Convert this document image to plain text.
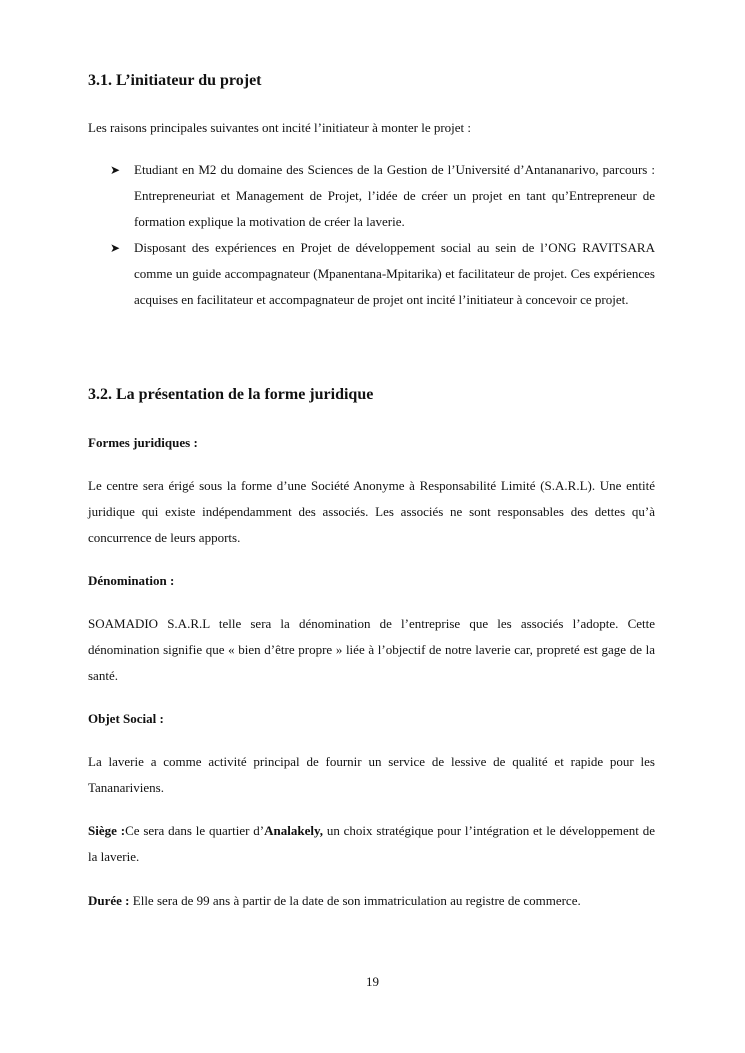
3.1. L’initiateur du projet

Les raisons principales suivantes ont incité l’initiateur à monter le projet :

➤ Etudiant en M2 du domaine des Sciences de la Gestion de l’Université d’Antananarivo, parcours : Entrepreneuriat et Management de Projet, l’idée de créer un projet en tant qu’Entrepreneur de formation explique la motivation de créer la laverie.
➤ Disposant des expériences en Projet de développement social au sein de l’ONG RAVITSARA comme un guide accompagnateur (Mpanentana-Mpitarika) et facilitateur de projet. Ces expériences acquises en facilitateur et accompagnateur de projet ont incité l’initiateur à concevoir ce projet.
3.2. La présentation de la forme juridique
Formes juridiques :

Le centre sera érigé sous la forme d’une Société Anonyme à Responsabilité Limité (S.A.R.L). Une entité juridique qui existe indépendamment des associés. Les associés ne sont responsables des dettes qu’à concurrence de leurs apports.

Dénomination :

SOAMADIO S.A.R.L telle sera la dénomination de l’entreprise que les associés l’adopte. Cette dénomination signifie que « bien d’être propre » liée à l’objectif de notre laverie car, propreté est gage de la santé.

Objet Social :

La laverie a comme activité principal de fournir un service de lessive de qualité et rapide pour les Tananariviens.

Siège :Ce sera dans le quartier d’Analakely, un choix stratégique pour l’intégration et le développement de la laverie.

Durée : Elle sera de 99 ans à partir de la date de son immatriculation au registre de commerce.

19
